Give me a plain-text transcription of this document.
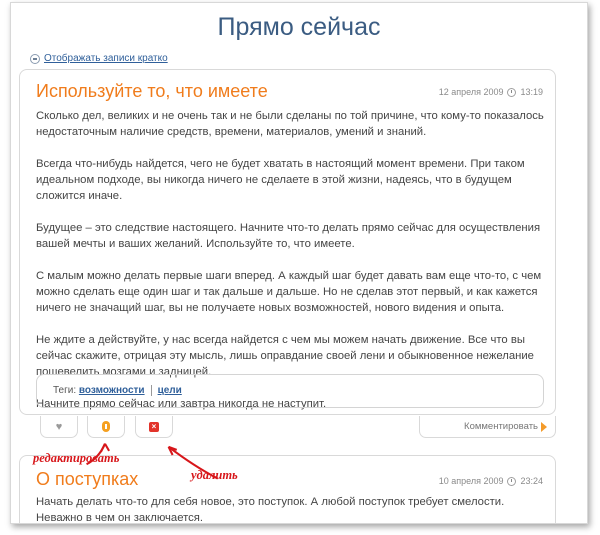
Прямо сейчас
Отображать записи кратко
Используйте то, что имеете	12 апреля 2009 13:19

Сколько дел, великих и не очень так и не были сделаны по той причине, что кому-то показалось недостаточным наличие средств, времени, материалов, умений и знаний.

Всегда что-нибудь найдется, чего не будет хватать в настоящий момент времени. При таком идеальном подходе, вы никогда ничего не сделаете в этой жизни, надеясь, что в будущем сложится иначе.

Будущее – это следствие настоящего. Начните что-то делать прямо сейчас для осуществления вашей мечты и ваших желаний. Используйте то, что имеете.

С малым можно делать первые шаги вперед. А каждый шаг будет давать вам еще что-то, с чем можно сделать еще один шаг и так дальше и дальше. Но не сделав этот первый, и как кажется ничего не значащий шаг, вы не получаете новых возможностей, нового видения и опыта.

Не ждите а действуйте, у нас всегда найдется с чем мы можем начать движение. Все что вы сейчас скажите, отрицая эту мысль, лишь оправдание своей лени и обыкновенное нежелание пошевелить мозгами и задницей.

Начните прямо сейчас или завтра никогда не наступит.

Теги: возможности цели
♥	×	Комментировать
О поступках	10 апреля 2009 23:24

Начать делать что-то для себя новое, это поступок. А любой поступок требует смелости. Неважно в чем он заключается.

редактировать
удалить
